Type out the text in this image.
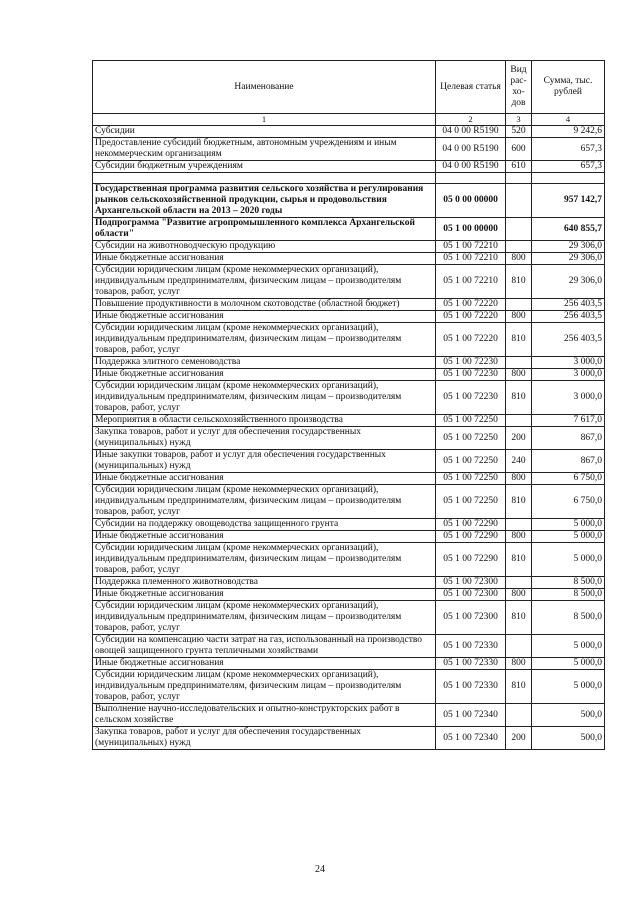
Наименование	Целевая статья	Вид рас-хо-дов	Сумма, тыс. рублей
1	2	3	4
Субсидии	04 0 00 R5190	520	9 242,6
Предоставление субсидий бюджетным, автономным учреждениям и иным некоммерческим организациям	04 0 00 R5190	600	657,3
Субсидии бюджетным учреждениям	04 0 00 R5190	610	657,3

Государственная программа развития сельского хозяйства и регулирования рынков сельскохозяйственной продукции, сырья и продовольствия Архангельской области на 2013 – 2020 годы	05 0 00 00000		957 142,7
Подпрограмма "Развитие агропромышленного комплекса Архангельской области"	05 1 00 00000		640 855,7
Субсидии на животноводческую продукцию	05 1 00 72210		29 306,0
Иные бюджетные ассигнования	05 1 00 72210	800	29 306,0
Субсидии юридическим лицам (кроме некоммерческих организаций), индивидуальным предпринимателям, физическим лицам – производителям товаров, работ, услуг	05 1 00 72210	810	29 306,0
Повышение продуктивности в молочном скотоводстве (областной бюджет)	05 1 00 72220		256 403,5
Иные бюджетные ассигнования	05 1 00 72220	800	256 403,5
Субсидии юридическим лицам (кроме некоммерческих организаций), индивидуальным предпринимателям, физическим лицам – производителям товаров, работ, услуг	05 1 00 72220	810	256 403,5
Поддержка элитного семеноводства	05 1 00 72230		3 000,0
Иные бюджетные ассигнования	05 1 00 72230	800	3 000,0
Субсидии юридическим лицам (кроме некоммерческих организаций), индивидуальным предпринимателям, физическим лицам – производителям товаров, работ, услуг	05 1 00 72230	810	3 000,0
Мероприятия в области сельскохозяйственного производства	05 1 00 72250		7 617,0
Закупка товаров, работ и услуг для обеспечения государственных (муниципальных) нужд	05 1 00 72250	200	867,0
Иные закупки товаров, работ и услуг для обеспечения государственных (муниципальных) нужд	05 1 00 72250	240	867,0
Иные бюджетные ассигнования	05 1 00 72250	800	6 750,0
Субсидии юридическим лицам (кроме некоммерческих организаций), индивидуальным предпринимателям, физическим лицам – производителям товаров, работ, услуг	05 1 00 72250	810	6 750,0
Субсидии на поддержку овощеводства защищенного грунта	05 1 00 72290		5 000,0
Иные бюджетные ассигнования	05 1 00 72290	800	5 000,0
Субсидии юридическим лицам (кроме некоммерческих организаций), индивидуальным предпринимателям, физическим лицам – производителям товаров, работ, услуг	05 1 00 72290	810	5 000,0
Поддержка племенного животноводства	05 1 00 72300		8 500,0
Иные бюджетные ассигнования	05 1 00 72300	800	8 500,0
Субсидии юридическим лицам (кроме некоммерческих организаций), индивидуальным предпринимателям, физическим лицам – производителям товаров, работ, услуг	05 1 00 72300	810	8 500,0
Субсидии на компенсацию части затрат на газ, использованный на производство овощей защищенного грунта тепличными хозяйствами	05 1 00 72330		5 000,0
Иные бюджетные ассигнования	05 1 00 72330	800	5 000,0
Субсидии юридическим лицам (кроме некоммерческих организаций), индивидуальным предпринимателям, физическим лицам – производителям товаров, работ, услуг	05 1 00 72330	810	5 000,0
Выполнение научно-исследовательских и опытно-конструкторских работ в сельском хозяйстве	05 1 00 72340		500,0
Закупка товаров, работ и услуг для обеспечения государственных (муниципальных) нужд	05 1 00 72340	200	500,0
24
